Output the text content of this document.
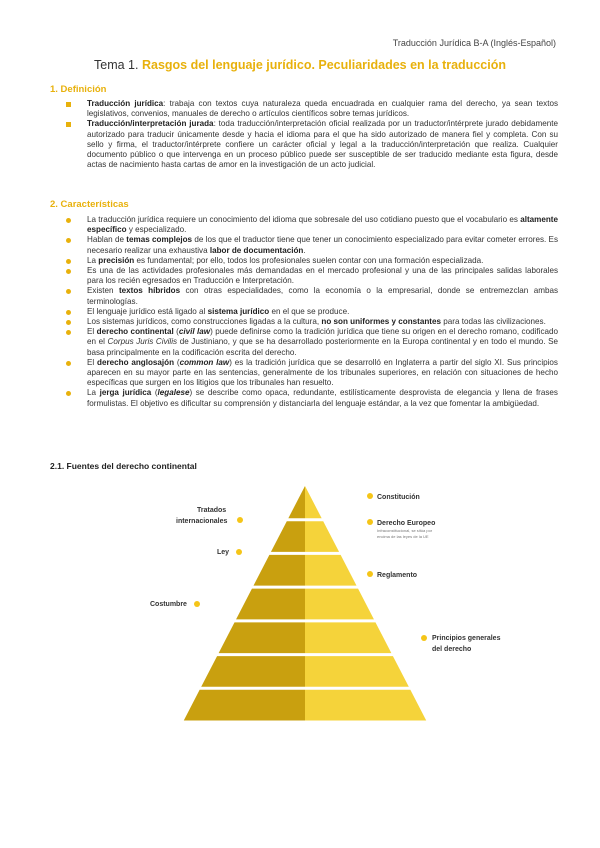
Traducción Jurídica B-A (Inglés-Español)
Tema 1. Rasgos del lenguaje jurídico. Peculiaridades en la traducción
1. Definición
Traducción jurídica: trabaja con textos cuya naturaleza queda encuadrada en cualquier rama del derecho, ya sean textos legislativos, convenios, manuales de derecho o artículos científicos sobre temas jurídicos.
Traducción/interpretación jurada: toda traducción/interpretación oficial realizada por un traductor/intérprete jurado debidamente autorizado para traducir únicamente desde y hacia el idioma para el que ha sido autorizado de manera fiel y completa. Con su sello y firma, el traductor/intérprete confiere un carácter oficial y legal a la traducción/interpretación que realiza. Cualquier documento público o que intervenga en un proceso público puede ser susceptible de ser traducido mediante esta figura, desde actas de nacimiento hasta cartas de amor en la investigación de un acto judicial.
2. Características
La traducción jurídica requiere un conocimiento del idioma que sobresale del uso cotidiano puesto que el vocabulario es altamente específico y especializado.
Hablan de temas complejos de los que el traductor tiene que tener un conocimiento especializado para evitar cometer errores. Es necesario realizar una exhaustiva labor de documentación.
La precisión es fundamental; por ello, todos los profesionales suelen contar con una formación especializada.
Es una de las actividades profesionales más demandadas en el mercado profesional y una de las principales salidas laborales para los recién egresados en Traducción e Interpretación.
Existen textos híbridos con otras especialidades, como la economía o la empresarial, donde se entremezclan ambas terminologías.
El lenguaje jurídico está ligado al sistema jurídico en el que se produce.
Los sistemas jurídicos, como construcciones ligadas a la cultura, no son uniformes y constantes para todas las civilizaciones.
El derecho continental (civil law) puede definirse como la tradición jurídica que tiene su origen en el derecho romano, codificado en el Corpus Juris Civilis de Justiniano, y que se ha desarrollado posteriormente en la Europa continental y en todo el mundo. Se basa principalmente en la codificación escrita del derecho.
El derecho anglosajón (common law) es la tradición jurídica que se desarrolló en Inglaterra a partir del siglo XI. Sus principios aparecen en su mayor parte en las sentencias, generalmente de los tribunales superiores, en relación con situaciones de hecho específicas que surgen en los litigios que los tribunales han resuelto.
La jerga jurídica (legalese) se describe como opaca, redundante, estilísticamente desprovista de elegancia y llena de frases formulistas. El objetivo es dificultar su comprensión y distanciarla del lenguaje estándar, a la vez que fomentar la ambigüedad.
2.1. Fuentes del derecho continental
Tratados
internacionales
Ley
Costumbre
Constitución
Derecho Europeo
Infraconstitucional, se sitúa por
encima de las leyes de la UE
Reglamento
Principios generales
del derecho
